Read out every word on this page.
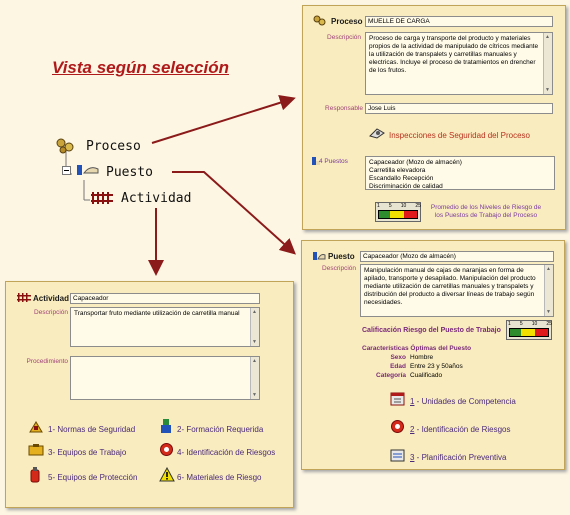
Vista según selección
Proceso
Puesto
Actividad
Proceso MUELLE DE CARGA
Descripción Proceso de carga y transporte del producto y materiales propios de la actividad de manipulado de cítricos mediante la utilización de transpalets y carretillas manuales y electricas. Incluye el proceso de tratamientos en drencher de los frutos.
▲ ▼
Responsable Jose Luis
Inspecciones de Seguridad del Proceso
4 Puestos	Capaceador (Mozo de almacén)
Carretilla elevadora
Escandallo Recepción
Discriminación de calidad
1 5 10 25	Promedio de los Niveles de Riesgo de los Puestos de Trabajo del Proceso
Puesto	Capaceador (Mozo de almacén)
Descripción Manipulación manual de cajas de naranjas en forma de apilado, transporte y desapilado. Manipulación del producto mediante utilización de carretillas manuales y transpalets y distribución del producto a diversar líneas de trabajo según necesidades.
▲ ▼
Calificación Riesgo del Puesto de Trabajo
1 5 10 25
Características Óptimas del Puesto
Sexo Hombre
Edad Entre 23 y 50años
Categoría Cualificado
1 - Unidades de Competencia
2 - Identificación de Riesgos
3 - Planificación Preventiva
Actividad Capaceador
Descripción Transportar fruto mediante utilización de carretilla manual
▲ ▼
Procedimiento
▲ ▼
1- Normas de Seguridad	2- Formación Requerida
3- Equipos de Trabajo	4- Identificación de Riesgos
5- Equipos de Protección	6- Materiales de Riesgo
